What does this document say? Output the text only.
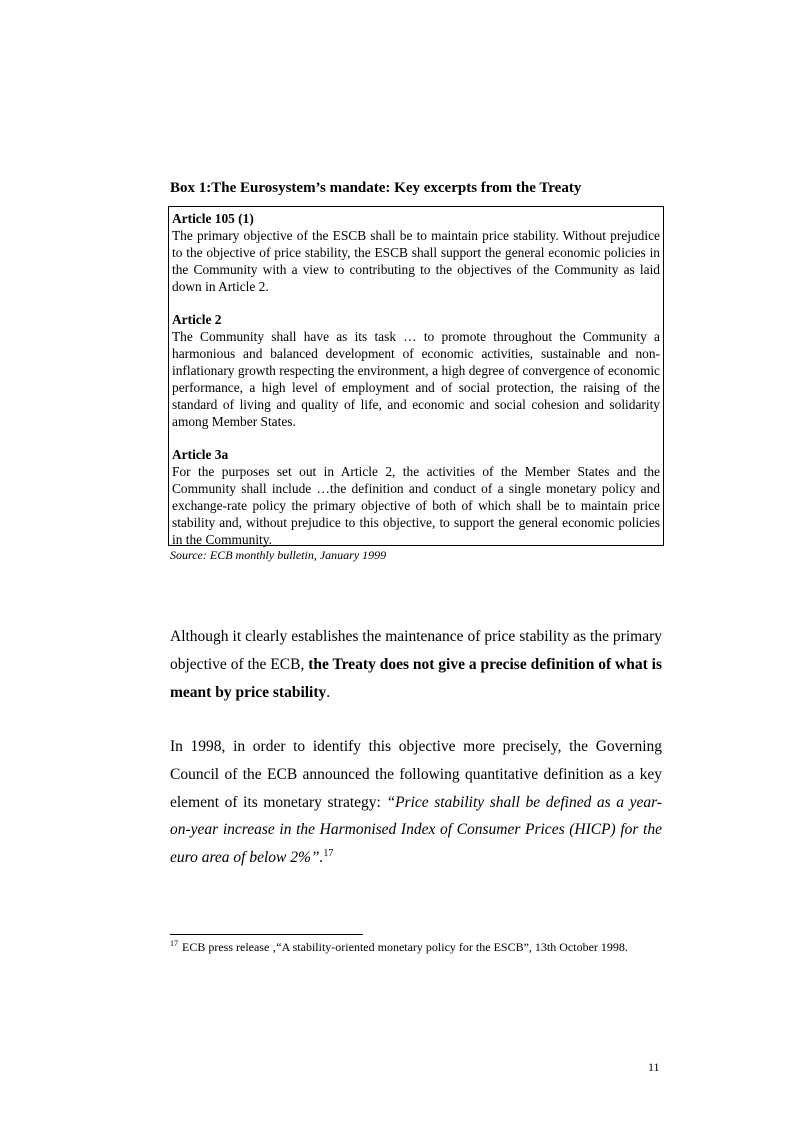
Box 1:The Eurosystem’s mandate: Key excerpts from the Treaty

Article 105 (1)
The primary objective of the ESCB shall be to maintain price stability. Without prejudice to the objective of price stability, the ESCB shall support the general economic policies in the Community with a view to contributing to the objectives of the Community as laid down in Article 2.

Article 2
The Community shall have as its task … to promote throughout the Community a harmonious and balanced development of economic activities, sustainable and non-inflationary growth respecting the environment, a high degree of convergence of economic performance, a high level of employment and of social protection, the raising of the standard of living and quality of life, and economic and social cohesion and solidarity among Member States.

Article 3a
For the purposes set out in Article 2, the activities of the Member States and the Community shall include …the definition and conduct of a single monetary policy and exchange-rate policy the primary objective of both of which shall be to maintain price stability and, without prejudice to this objective, to support the general economic policies in the Community.

Source: ECB monthly bulletin, January 1999

Although it clearly establishes the maintenance of price stability as the primary objective of the ECB, the Treaty does not give a precise definition of what is meant by price stability.

In 1998, in order to identify this objective more precisely, the Governing Council of the ECB announced the following quantitative definition as a key element of its monetary strategy: “Price stability shall be defined as a year-on-year increase in the Harmonised Index of Consumer Prices (HICP) for the euro area of below 2%”.$^{17}$

$^{17}$ ECB press release ‚“A stability-oriented monetary policy for the ESCB”, 13th October 1998.

11
